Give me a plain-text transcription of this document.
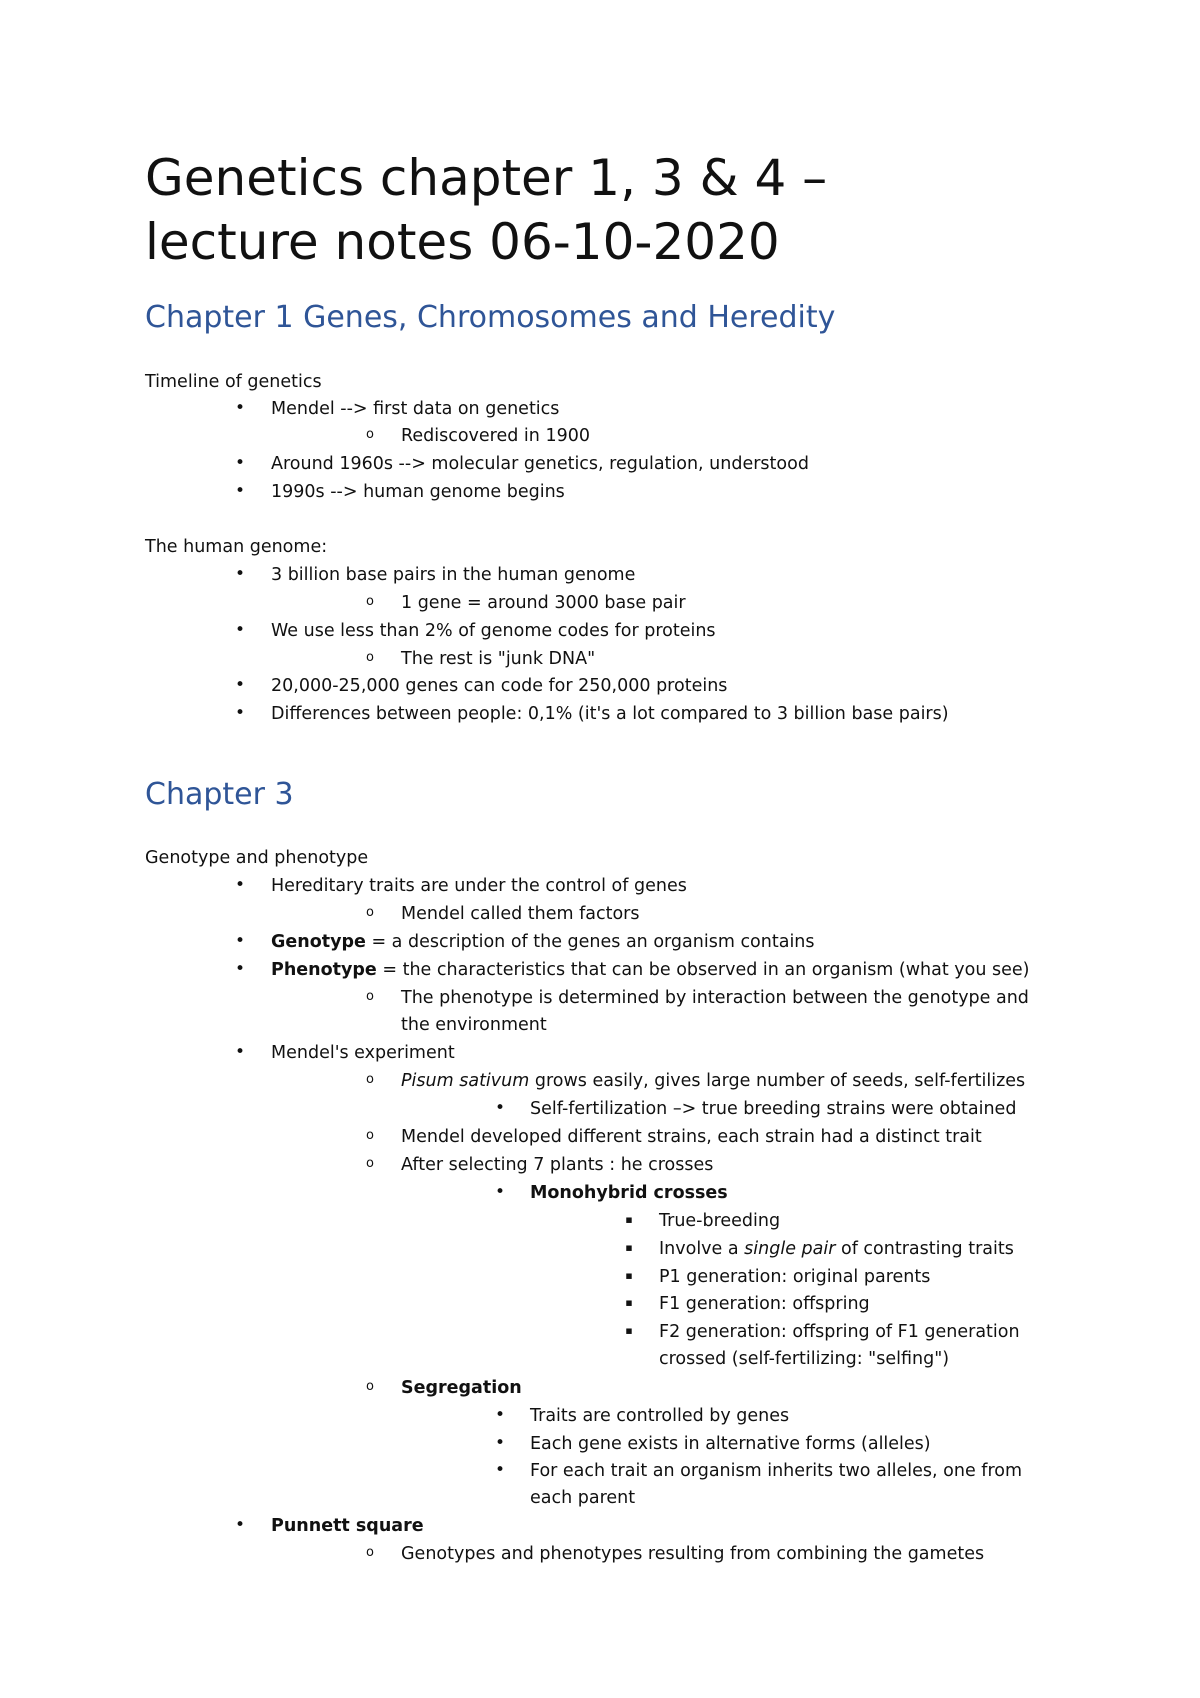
Genetics chapter 1, 3 & 4 –
lecture notes 06-10-2020
Chapter 1 Genes, Chromosomes and Heredity
Timeline of genetics
•	Mendel --> first data on genetics
o	Rediscovered in 1900
•	Around 1960s --> molecular genetics, regulation, understood
•	1990s --> human genome begins
The human genome:
•	3 billion base pairs in the human genome
o	1 gene = around 3000 base pair
•	We use less than 2% of genome codes for proteins
o	The rest is "junk DNA"
•	20,000-25,000 genes can code for 250,000 proteins
•	Differences between people: 0,1% (it's a lot compared to 3 billion base pairs)
Chapter 3
Genotype and phenotype
•	Hereditary traits are under the control of genes
o	Mendel called them factors
•	Genotype = a description of the genes an organism contains
•	Phenotype = the characteristics that can be observed in an organism (what you see)
o	The phenotype is determined by interaction between the genotype and
the environment
•	Mendel's experiment
o	Pisum sativum grows easily, gives large number of seeds, self-fertilizes
•	Self-fertilization –> true breeding strains were obtained
o	Mendel developed different strains, each strain had a distinct trait
o	After selecting 7 plants : he crosses
•	Monohybrid crosses
▪	True-breeding
▪	Involve a single pair of contrasting traits
▪	P1 generation: original parents
▪	F1 generation: offspring
▪	F2 generation: offspring of F1 generation
crossed (self-fertilizing: "selfing")
o	Segregation
•	Traits are controlled by genes
•	Each gene exists in alternative forms (alleles)
•	For each trait an organism inherits two alleles, one from
each parent
•	Punnett square
o	Genotypes and phenotypes resulting from combining the gametes
